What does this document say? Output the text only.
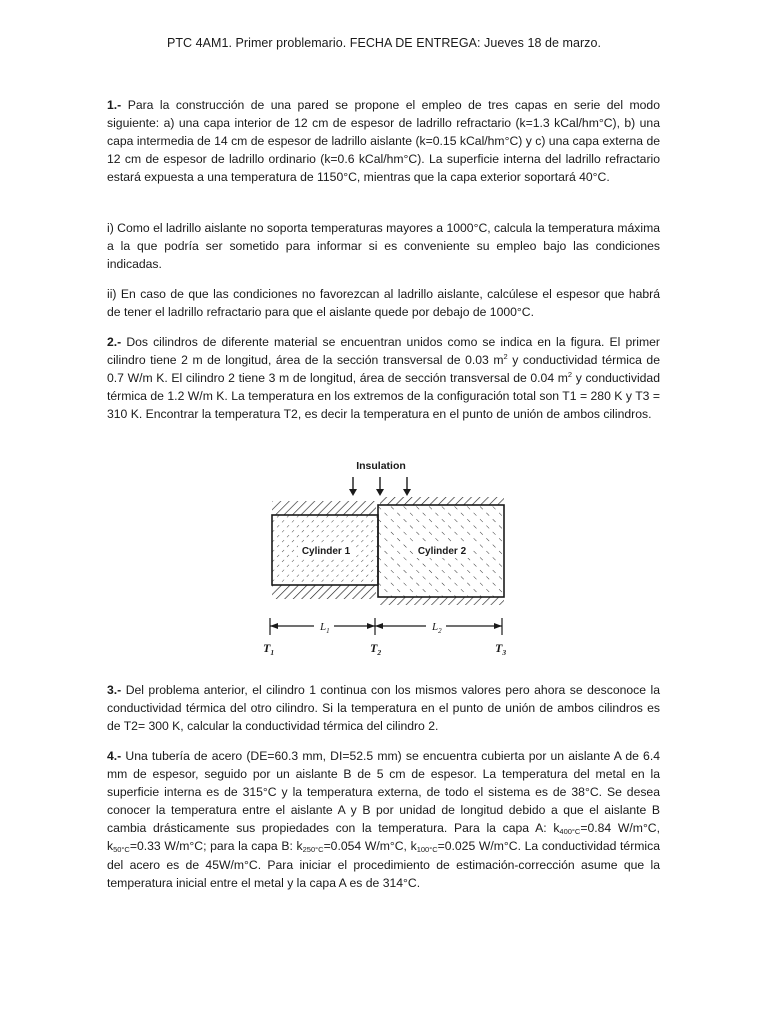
PTC 4AM1. Primer problemario. FECHA DE ENTREGA: Jueves 18 de marzo.
1.- Para la construcción de una pared se propone el empleo de tres capas en serie del modo siguiente: a) una capa interior de 12 cm de espesor de ladrillo refractario (k=1.3 kCal/hm°C), b) una capa intermedia de 14 cm de espesor de ladrillo aislante (k=0.15 kCal/hm°C) y c) una capa externa de 12 cm de espesor de ladrillo ordinario (k=0.6 kCal/hm°C). La superficie interna del ladrillo refractario estará expuesta a una temperatura de 1150°C, mientras que la capa exterior soportará 40°C.
i) Como el ladrillo aislante no soporta temperaturas mayores a 1000°C, calcula la temperatura máxima a la que podría ser sometido para informar si es conveniente su empleo bajo las condiciones indicadas.
ii) En caso de que las condiciones no favorezcan al ladrillo aislante, calcúlese el espesor que habrá de tener el ladrillo refractario para que el aislante quede por debajo de 1000°C.
2.- Dos cilindros de diferente material se encuentran unidos como se indica en la figura. El primer cilindro tiene 2 m de longitud, área de la sección transversal de 0.03 $m^2$ y conductividad térmica de 0.7 W/m K. El cilindro 2 tiene 3 m de longitud, área de sección transversal de 0.04 $m^2$ y conductividad térmica de 1.2 W/m K. La temperatura en los extremos de la configuración total son T1 = 280 K y T3 = 310 K. Encontrar la temperatura T2, es decir la temperatura en el punto de unión de ambos cilindros.
Insulation
Cylinder 1	Cylinder 2
$L_1$	$L_2$
$T_1$	$T_2$	$T_3$
3.- Del problema anterior, el cilindro 1 continua con los mismos valores pero ahora se desconoce la conductividad térmica del otro cilindro. Si la temperatura en el punto de unión de ambos cilindros es de T2= 300 K, calcular la conductividad térmica del cilindro 2.
4.- Una tubería de acero (DE=60.3 mm, DI=52.5 mm) se encuentra cubierta por un aislante A de 6.4 mm de espesor, seguido por un aislante B de 5 cm de espesor. La temperatura del metal en la superficie interna es de 315°C y la temperatura externa, de todo el sistema es de 38°C. Se desea conocer la temperatura entre el aislante A y B por unidad de longitud debido a que el aislante B cambia drásticamente sus propiedades con la temperatura. Para la capa A: $k_{400^\circ C}=0.84$ W/m°C, $k_{50^\circ C}=0.33$ W/m°C; para la capa B: $k_{250^\circ C}=0.054$ W/m°C, $k_{100^\circ C}=0.025$ W/m°C. La conductividad térmica del acero es de 45W/m°C. Para iniciar el procedimiento de estimación-corrección asume que la temperatura inicial entre el metal y la capa A es de 314°C.
